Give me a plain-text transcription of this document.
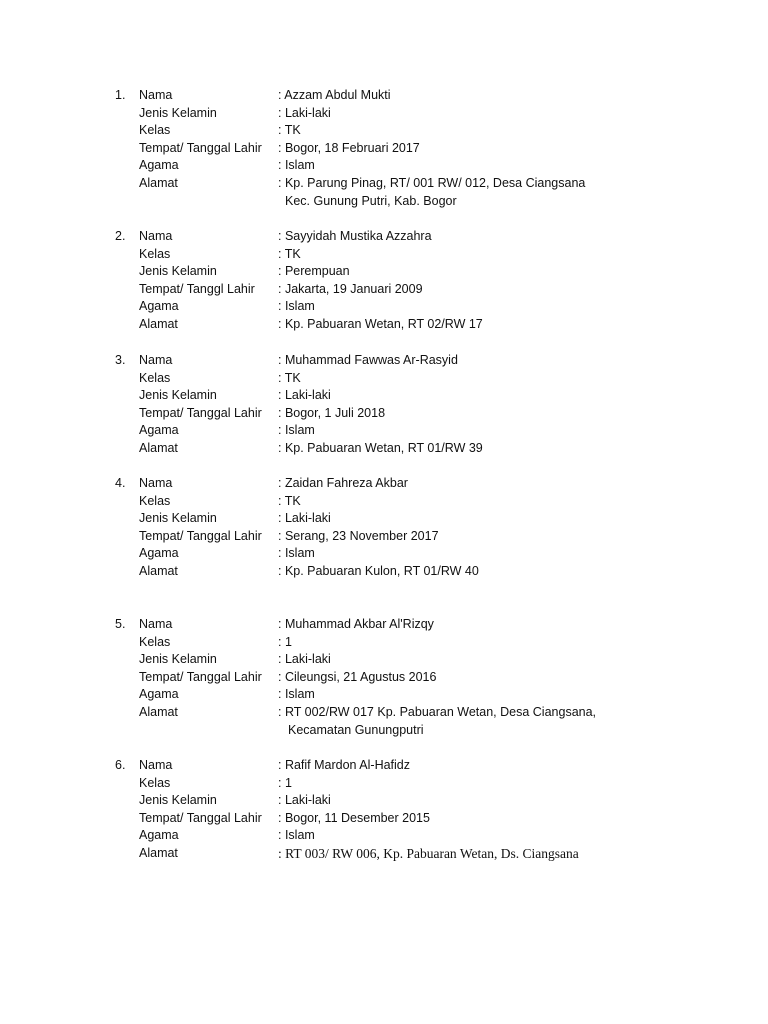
1. Nama	: Azzam Abdul Mukti
Jenis Kelamin	: Laki-laki
Kelas	: TK
Tempat/ Tanggal Lahir : Bogor, 18 Februari 2017
Agama	: Islam
Alamat	: Kp. Parung Pinag, RT/ 001 RW/ 012, Desa Ciangsana
Kec. Gunung Putri, Kab. Bogor
2. Nama	: Sayyidah Mustika Azzahra
Kelas	: TK
Jenis Kelamin	: Perempuan
Tempat/ Tanggl Lahir : Jakarta, 19 Januari 2009
Agama	: Islam
Alamat	: Kp. Pabuaran Wetan, RT 02/RW 17
3. Nama	: Muhammad Fawwas Ar-Rasyid
Kelas	: TK
Jenis Kelamin	: Laki-laki
Tempat/ Tanggal Lahir : Bogor, 1 Juli 2018
Agama	: Islam
Alamat	: Kp. Pabuaran Wetan, RT 01/RW 39
4. Nama	: Zaidan Fahreza Akbar
Kelas	: TK
Jenis Kelamin	: Laki-laki
Tempat/ Tanggal Lahir : Serang, 23 November 2017
Agama	: Islam
Alamat	: Kp. Pabuaran Kulon, RT 01/RW 40
5. Nama	: Muhammad Akbar Al'Rizqy
Kelas	: 1
Jenis Kelamin	: Laki-laki
Tempat/ Tanggal Lahir : Cileungsi, 21 Agustus 2016
Agama	: Islam
Alamat	: RT 002/RW 017 Kp. Pabuaran Wetan, Desa Ciangsana,
Kecamatan Gunungputri
6. Nama	: Rafif Mardon Al-Hafidz
Kelas	: 1
Jenis Kelamin	: Laki-laki
Tempat/ Tanggal Lahir : Bogor, 11 Desember 2015
Agama	: Islam
Alamat	: RT 003/ RW 006, Kp. Pabuaran Wetan, Ds. Ciangsana
